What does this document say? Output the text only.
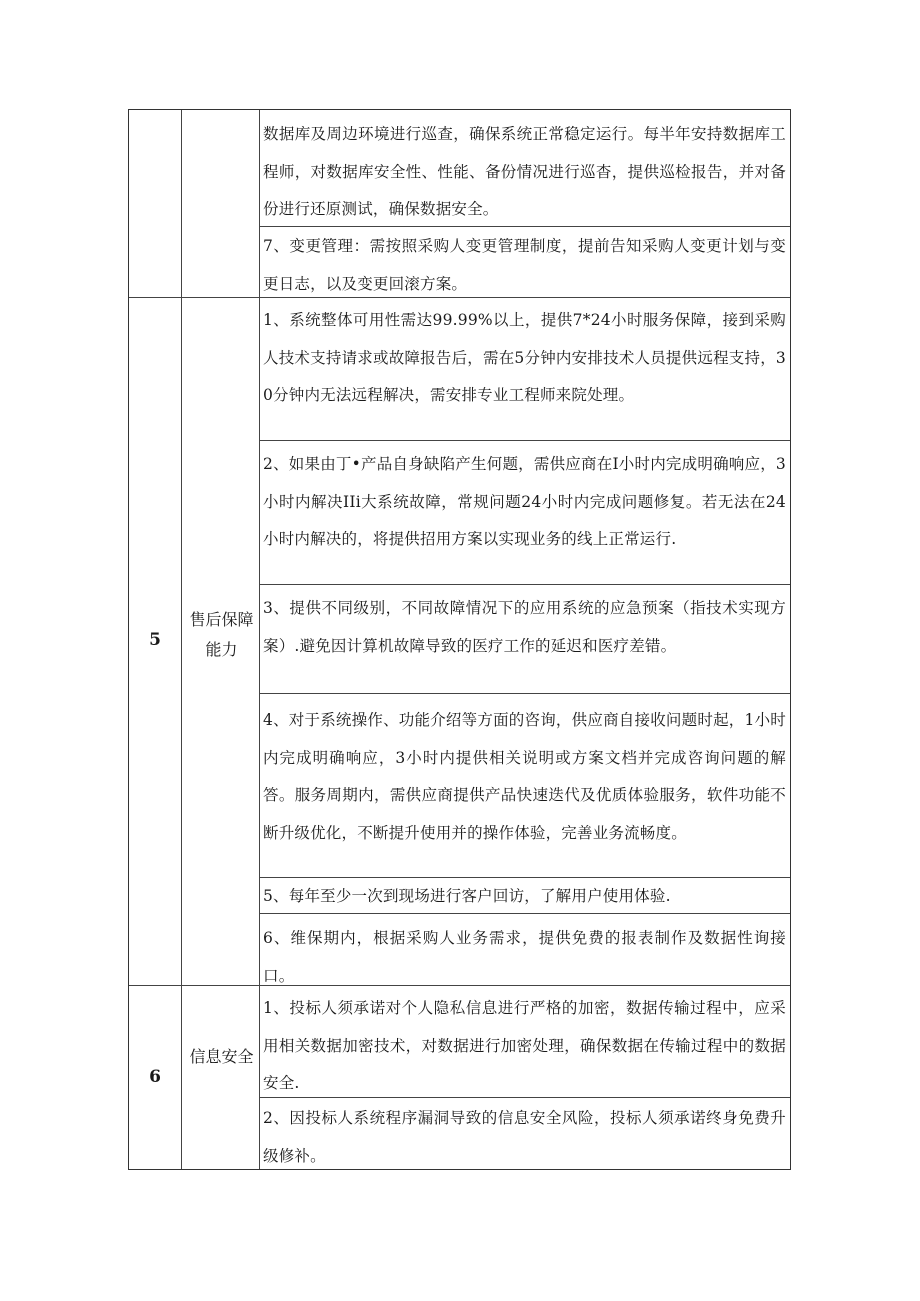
数据库及周边环境进行巡查，确保系统正常稳定运行。每半年安持数据库工程师，对数据库安全性、性能、备份情况进行巡杳，提供巡检报告，并对备份进行还原测试，确保数据安全。
7、变更管理：需按照采购人变更管理制度，提前告知采购人变更计划与变更日志，以及变更回滚方案。
5
售后保障能力
1、系统整体可用性需达99.99%以上，提供7*24小时服务保障，接到采购人技术支持请求或故障报告后，需在5分钟内安排技术人员提供远程支持，30分钟内无法远程解决，需安排专业工程师来院处理。
2、如果由丁•产品自身缺陷产生何题，需供应商在I小时内完成明确响应，3小时内解决IIi大系统故障，常规问题24小时内完成问题修复。若无法在24小时内解决的，将提供招用方案以实现业务的线上正常运行.
3、提供不同级别，不同故障情况下的应用系统的应急预案（指技术实现方案）.避免因计算机故障导致的医疗工作的延迟和医疗差错。
4、对于系统操作、功能介绍等方面的咨询，供应商自接收问题时起，1小时内完成明确响应，3小时内提供相关说明或方案文档并完成咨询问题的解答。服务周期内，需供应商提供产品快速迭代及优质体验服务，软件功能不断升级优化，不断提升使用并的操作体验，完善业务流畅度。
5、每年至少一次到现场进行客户回访，了解用户使用体验.
6、维保期内，根据采购人业务需求，提供免费的报表制作及数据性询接口。
6
信息安全
1、投标人须承诺对个人隐私信息进行严格的加密，数据传输过程中，应采用相关数据加密技术，对数据进行加密处理，确保数据在传输过程中的数据安全.
2、因投标人系统程序漏洞导致的信息安全风险，投标人须承诺终身免费升级修补。
